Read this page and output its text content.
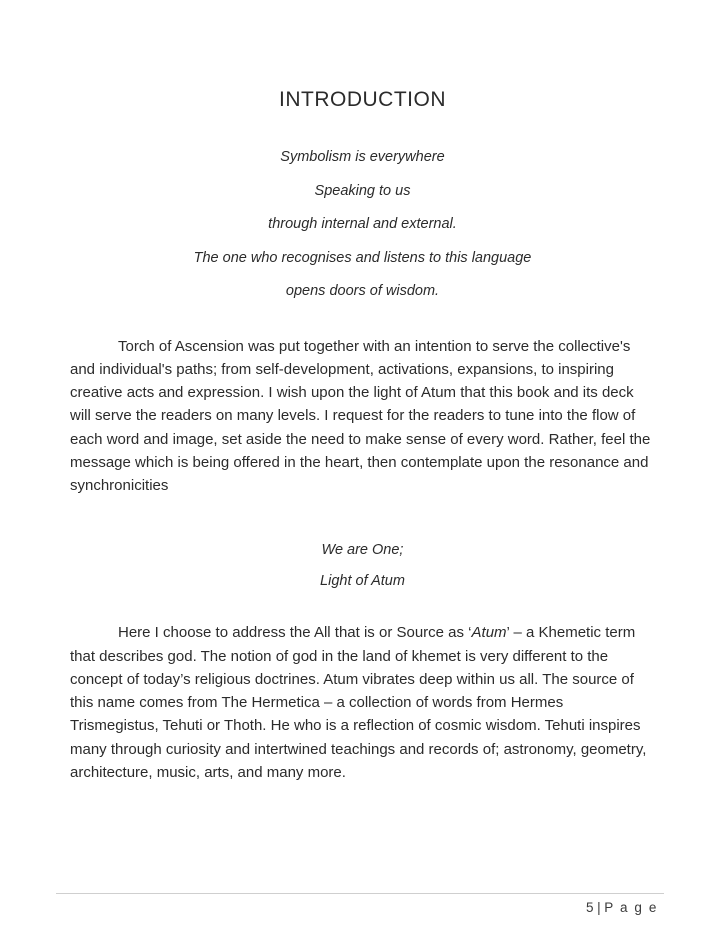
INTRODUCTION

Symbolism is everywhere

Speaking to us

through internal and external.

The one who recognises and listens to this language

opens doors of wisdom.

Torch of Ascension was put together with an intention to serve the collective's and individual's paths; from self-development, activations, expansions, to inspiring creative acts and expression. I wish upon the light of Atum that this book and its deck will serve the readers on many levels. I request for the readers to tune into the flow of each word and image, set aside the need to make sense of every word. Rather, feel the message which is being offered in the heart, then contemplate upon the resonance and synchronicities

We are One;

Light of Atum

Here I choose to address the All that is or Source as ‘Atum’ – a Khemetic term that describes god. The notion of god in the land of khemet is very different to the concept of today’s religious doctrines. Atum vibrates deep within us all. The source of this name comes from The Hermetica – a collection of words from Hermes Trismegistus, Tehuti or Thoth. He who is a reflection of cosmic wisdom. Tehuti inspires many through curiosity and intertwined teachings and records of; astronomy, geometry, architecture, music, arts, and many more.

5 | P a g e
